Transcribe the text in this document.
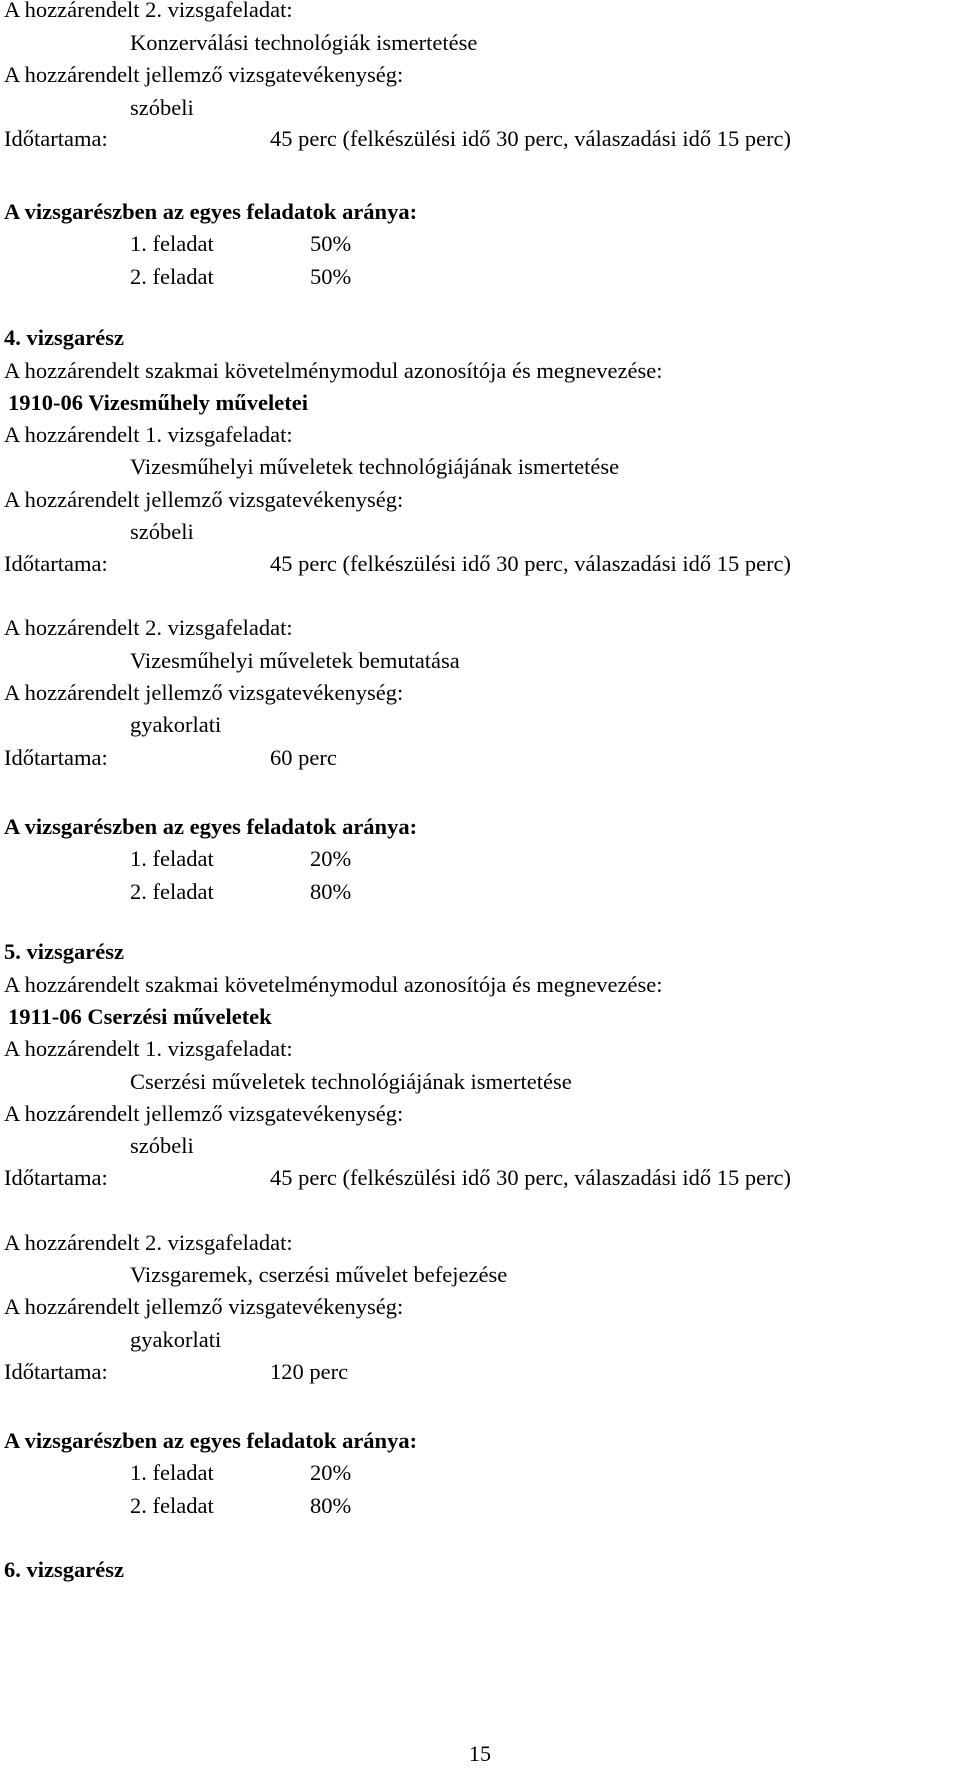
A hozzárendelt 2. vizsgafeladat:
Konzerválási technológiák ismertetése
A hozzárendelt jellemző vizsgatevékenység:
szóbeli
Időtartama:	45 perc (felkészülési idő 30 perc, válaszadási idő 15 perc)
A vizsgarészben az egyes feladatok aránya:
1. feladat	50%
2. feladat	50%
4. vizsgarész
A hozzárendelt szakmai követelménymodul azonosítója és megnevezése:
1910-06 Vizesműhely műveletei
A hozzárendelt 1. vizsgafeladat:
Vizesműhelyi műveletek technológiájának ismertetése
A hozzárendelt jellemző vizsgatevékenység:
szóbeli
Időtartama:	45 perc (felkészülési idő 30 perc, válaszadási idő 15 perc)
A hozzárendelt 2. vizsgafeladat:
Vizesműhelyi műveletek bemutatása
A hozzárendelt jellemző vizsgatevékenység:
gyakorlati
Időtartama:	60 perc
A vizsgarészben az egyes feladatok aránya:
1. feladat	20%
2. feladat	80%
5. vizsgarész
A hozzárendelt szakmai követelménymodul azonosítója és megnevezése:
1911-06 Cserzési műveletek
A hozzárendelt 1. vizsgafeladat:
Cserzési műveletek technológiájának ismertetése
A hozzárendelt jellemző vizsgatevékenység:
szóbeli
Időtartama:	45 perc (felkészülési idő 30 perc, válaszadási idő 15 perc)
A hozzárendelt 2. vizsgafeladat:
Vizsgaremek, cserzési művelet befejezése
A hozzárendelt jellemző vizsgatevékenység:
gyakorlati
Időtartama:	120 perc
A vizsgarészben az egyes feladatok aránya:
1. feladat	20%
2. feladat	80%
6. vizsgarész
15
